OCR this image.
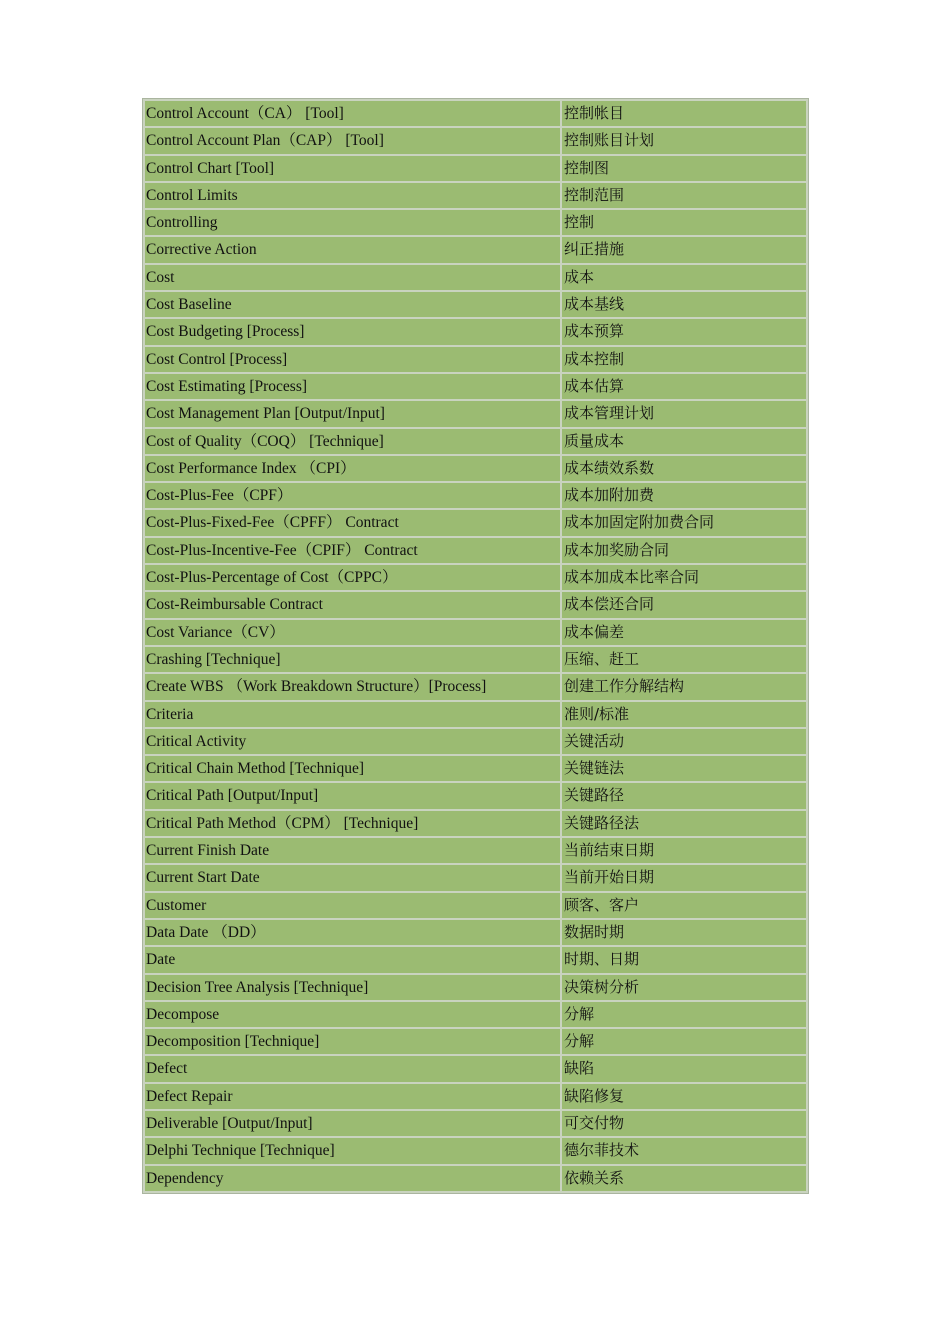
Control Account（CA） [Tool]	控制帐目
Control Account Plan（CAP） [Tool]	控制账目计划
Control Chart [Tool]	控制图
Control Limits	控制范围
Controlling	控制
Corrective Action	纠正措施
Cost	成本
Cost Baseline	成本基线
Cost Budgeting [Process]	成本预算
Cost Control [Process]	成本控制
Cost Estimating [Process]	成本估算
Cost Management Plan [Output/Input]	成本管理计划
Cost of Quality（COQ） [Technique]	质量成本
Cost Performance Index （CPI）	成本绩效系数
Cost-Plus-Fee（CPF）	成本加附加费
Cost-Plus-Fixed-Fee（CPFF） Contract	成本加固定附加费合同
Cost-Plus-Incentive-Fee（CPIF） Contract	成本加奖励合同
Cost-Plus-Percentage of Cost（CPPC）	成本加成本比率合同
Cost-Reimbursable Contract	成本偿还合同
Cost Variance（CV）	成本偏差
Crashing [Technique]	压缩、赶工
Create WBS （Work Breakdown Structure）[Process]	创建工作分解结构
Criteria	准则/标准
Critical Activity	关键活动
Critical Chain Method [Technique]	关键链法
Critical Path [Output/Input]	关键路径
Critical Path Method（CPM） [Technique]	关键路径法
Current Finish Date	当前结束日期
Current Start Date	当前开始日期
Customer	顾客、客户
Data Date （DD）	数据时期
Date	时期、日期
Decision Tree Analysis [Technique]	决策树分析
Decompose	分解
Decomposition [Technique]	分解
Defect	缺陷
Defect Repair	缺陷修复
Deliverable [Output/Input]	可交付物
Delphi Technique [Technique]	德尔菲技术
Dependency	依赖关系
